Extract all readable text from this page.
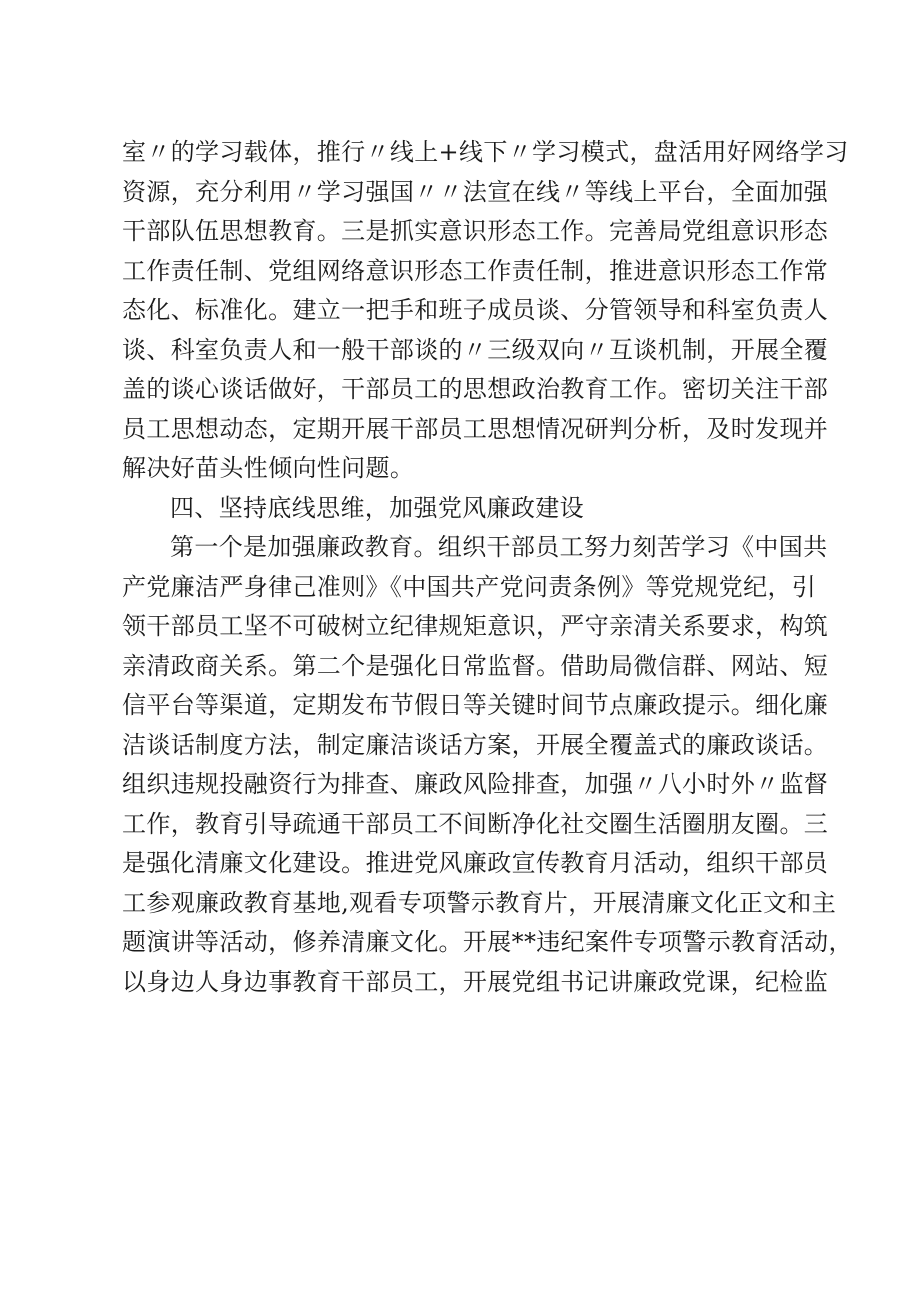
室〃的学习载体，推行〃线上+线下〃学习模式，盘活用好网络学习
资源，充分利用〃学习强国〃〃法宣在线〃等线上平台，全面加强
干部队伍思想教育。三是抓实意识形态工作。完善局党组意识形态
工作责任制、党组网络意识形态工作责任制，推进意识形态工作常
态化、标准化。建立一把手和班子成员谈、分管领导和科室负责人
谈、科室负责人和一般干部谈的〃三级双向〃互谈机制，开展全覆
盖的谈心谈话做好，干部员工的思想政治教育工作。密切关注干部
员工思想动态，定期开展干部员工思想情况研判分析，及时发现并
解决好苗头性倾向性问题。
四、坚持底线思维，加强党风廉政建设
第一个是加强廉政教育。组织干部员工努力刻苦学习《中国共
产党廉洁严身律己准则》《中国共产党问责条例》等党规党纪，引
领干部员工坚不可破树立纪律规矩意识，严守亲清关系要求，构筑
亲清政商关系。第二个是强化日常监督。借助局微信群、网站、短
信平台等渠道，定期发布节假日等关键时间节点廉政提示。细化廉
洁谈话制度方法，制定廉洁谈话方案，开展全覆盖式的廉政谈话。
组织违规投融资行为排查、廉政风险排查，加强〃八小时外〃监督
工作，教育引导疏通干部员工不间断净化社交圈生活圈朋友圈。三
是强化清廉文化建设。推进党风廉政宣传教育月活动，组织干部员
工参观廉政教育基地,观看专项警示教育片，开展清廉文化正文和主
题演讲等活动，修养清廉文化。开展**违纪案件专项警示教育活动，
以身边人身边事教育干部员工，开展党组书记讲廉政党课，纪检监
